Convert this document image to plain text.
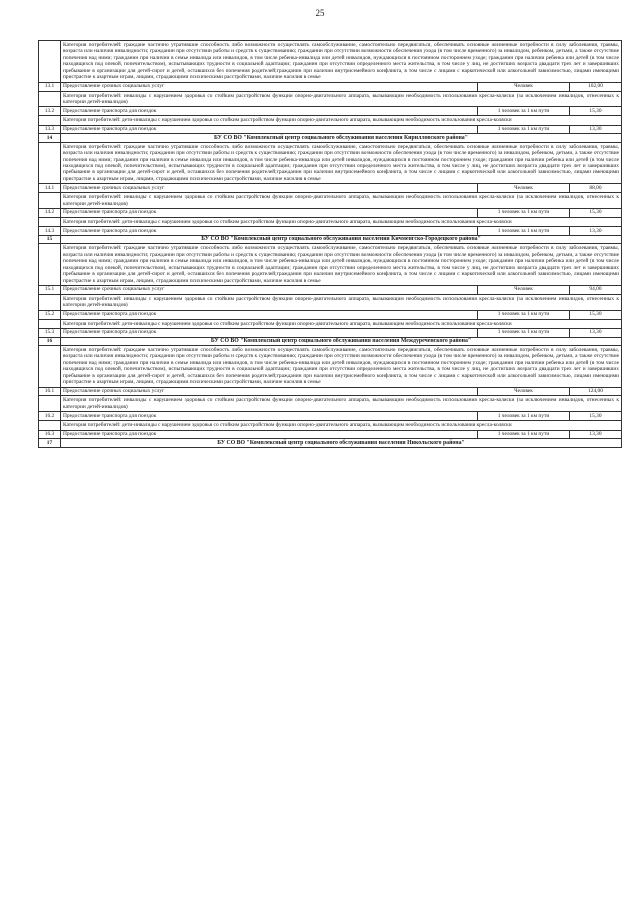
25
	Категория потребителей: граждане частично утратившие способность либо возможности осуществлять самообслуживание, самостоятельно передвигаться, обеспечивать основные жизненные потребности в силу заболевания, травмы, возраста или наличия инвалидности; гражданин при отсутствии работы и средств к существованию; гражданин при отсутствии возможности обеспечения ухода (в том числе временного) за инвалидом, ребенком, детьми, а также отсутствие попечения над ними; гражданин при наличии в семье инвалида или инвалидов, в том числе ребенка-инвалида или детей инвалидов, нуждающихся в постоянном постороннем уходе; гражданин при наличии ребенка или детей (в том числе находящихся под опекой, попечительством), испытывающих трудности в социальной адаптации; гражданин при отсутствии определенного места жительства, в том числе у лиц, не достигших возраста двадцати трех лет и завершивших пребывание в организации для детей-сирот и детей, оставшихся без попечения родителей;гражданин при наличии внутрисемейного конфликта, в том числе с лицами с наркотической или алкогольной зависимостью, лицами имеющими пристрастие к азартным играм, лицами, страдающими психическими расстройствами, наличие насилия в семье		
13.1	Предоставление срочных социальных услуг	Человек	102,00
	Категория потребителей: инвалиды с нарушением здоровья со стойким расстройством функции опорно-двигательного аппарата, вызывающим необходимость использования кресла-коляски (за исключением инвалидов, отнесенных к категории детей-инвалидов)		
13.2	Предоставление транспорта для поездок	1 человек за 1 км пути	15,30
	Категория потребителей: дети-инвалиды с нарушением здоровья со стойким расстройством функции опорно-двигательного аппарата, вызывающим необходимость использования кресла-коляски		
13.3	Предоставление транспорта для поездок	1 человек за 1 км пути	13,30
14	БУ СО ВО "Комплексный центр социального обслуживания населения Кирилловского района"		
	Категория потребителей: граждане частично утратившие способность либо возможности осуществлять самообслуживание, самостоятельно передвигаться, обеспечивать основные жизненные потребности в силу заболевания, травмы, возраста или наличия инвалидности; гражданин при отсутствии работы и средств к существованию; гражданин при отсутствии возможности обеспечения ухода (в том числе временного) за инвалидом, ребенком, детьми, а также отсутствие попечения над ними; гражданин при наличии в семье инвалида или инвалидов, в том числе ребенка-инвалида или детей инвалидов, нуждающихся в постоянном постороннем уходе; гражданин при наличии ребенка или детей (в том числе находящихся под опекой, попечительством), испытывающих трудности в социальной адаптации; гражданин при отсутствии определенного места жительства, в том числе у лиц, не достигших возраста двадцати трех лет и завершивших пребывание в организации для детей-сирот и детей, оставшихся без попечения родителей;гражданин при наличии внутрисемейного конфликта, в том числе с лицами с наркотической или алкогольной зависимостью, лицами имеющими пристрастие к азартным играм, лицами, страдающими психическими расстройствами, наличие насилия в семье		
14.1	Предоставление срочных социальных услуг	Человек	88,00
	Категория потребителей: инвалиды с нарушением здоровья со стойким расстройством функции опорно-двигательного аппарата, вызывающим необходимость использования кресла-коляски (за исключением инвалидов, отнесенных к категории детей-инвалидов)		
14.2	Предоставление транспорта для поездок	1 человек за 1 км пути	15,30
	Категория потребителей: дети-инвалиды с нарушением здоровья со стойким расстройством функции опорно-двигательного аппарата, вызывающим необходимость использования кресла-коляски		
14.3	Предоставление транспорта для поездок	1 человек за 1 км пути	13,30
15	БУ СО ВО "Комплексный центр социального обслуживания населения Кичменгско-Городецкого района"		
	Категория потребителей: граждане частично утратившие способность либо возможности осуществлять самообслуживание, самостоятельно передвигаться, обеспечивать основные жизненные потребности в силу заболевания, травмы, возраста или наличия инвалидности; гражданин при отсутствии работы и средств к существованию; гражданин при отсутствии возможности обеспечения ухода (в том числе временного) за инвалидом, ребенком, детьми, а также отсутствие попечения над ними; гражданин при наличии в семье инвалида или инвалидов, в том числе ребенка-инвалида или детей инвалидов, нуждающихся в постоянном постороннем уходе; гражданин при наличии ребенка или детей (в том числе находящихся под опекой, попечительством), испытывающих трудности в социальной адаптации; гражданин при отсутствии определенного места жительства, в том числе у лиц, не достигших возраста двадцати трех лет и завершивших пребывание в организации для детей-сирот и детей, оставшихся без попечения родителей;гражданин при наличии внутрисемейного конфликта, в том числе с лицами с наркотической или алкогольной зависимостью, лицами имеющими пристрастие к азартным играм, лицами, страдающими психическими расстройствами, наличие насилия в семье		
15.1	Предоставление срочных социальных услуг	Человек	94,00
	Категория потребителей: инвалиды с нарушением здоровья со стойким расстройством функции опорно-двигательного аппарата, вызывающим необходимость использования кресла-коляски (за исключением инвалидов, отнесенных к категории детей-инвалидов)		
15.2	Предоставление транспорта для поездок	1 человек за 1 км пути	15,30
	Категория потребителей: дети-инвалиды с нарушением здоровья со стойким расстройством функции опорно-двигательного аппарата, вызывающим необходимость использования кресла-коляски		
15.3	Предоставление транспорта для поездок	1 человек за 1 км пути	13,30
16	БУ СО ВО "Комплексный центр социального обслуживания населения Междуреченского района"		
	Категория потребителей: граждане частично утратившие способность либо возможности осуществлять самообслуживание, самостоятельно передвигаться, обеспечивать основные жизненные потребности в силу заболевания, травмы, возраста или наличия инвалидности; гражданин при отсутствии работы и средств к существованию; гражданин при отсутствии возможности обеспечения ухода (в том числе временного) за инвалидом, ребенком, детьми, а также отсутствие попечения над ними; гражданин при наличии в семье инвалида или инвалидов, в том числе ребенка-инвалида или детей инвалидов, нуждающихся в постоянном постороннем уходе; гражданин при наличии ребенка или детей (в том числе находящихся под опекой, попечительством), испытывающих трудности в социальной адаптации; гражданин при отсутствии определенного места жительства, в том числе у лиц, не достигших возраста двадцати трех лет и завершивших пребывание в организации для детей-сирот и детей, оставшихся без попечения родителей;гражданин при наличии внутрисемейного конфликта, в том числе с лицами с наркотической или алкогольной зависимостью, лицами имеющими пристрастие к азартным играм, лицами, страдающими психическими расстройствами, наличие насилия в семье		
16.1	Предоставление срочных социальных услуг	Человек	124,00
	Категория потребителей: инвалиды с нарушением здоровья со стойким расстройством функции опорно-двигательного аппарата, вызывающим необходимость использования кресла-коляски (за исключением инвалидов, отнесенных к категории детей-инвалидов)		
16.2	Предоставление транспорта для поездок	1 человек за 1 км пути	15,30
	Категория потребителей: дети-инвалиды с нарушением здоровья со стойким расстройством функции опорно-двигательного аппарата, вызывающим необходимость использования кресла-коляски		
16.3	Предоставление транспорта для поездок	1 человек за 1 км пути	13,30
17	БУ СО ВО "Комплексный центр социального обслуживания населения Никольского района"		
